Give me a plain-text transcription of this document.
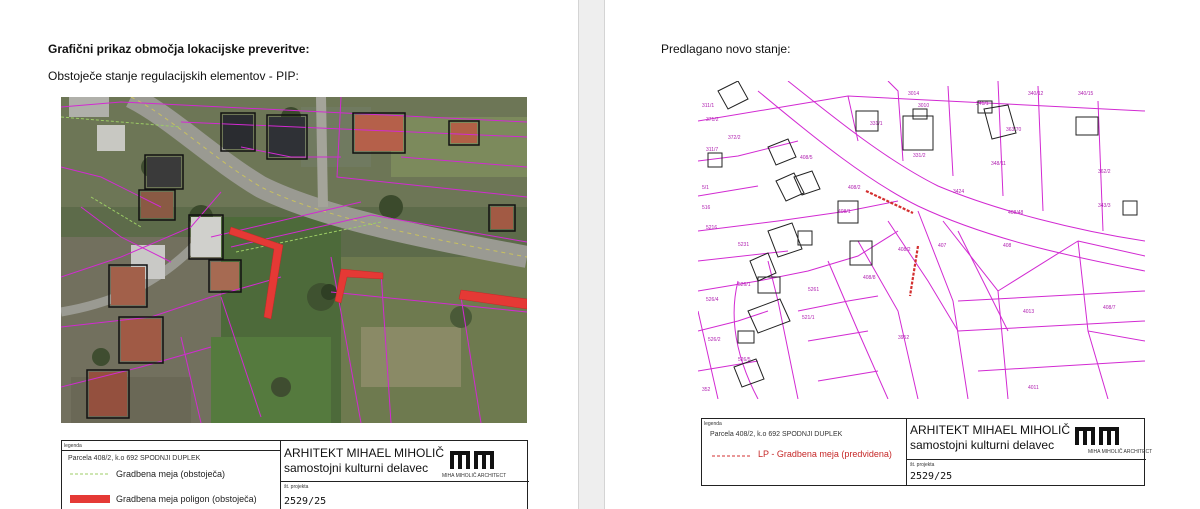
Grafični prikaz območja lokacijske preveritve:
Obstoječe stanje regulacijskih elementov - PIP:
legenda
Parcela 408/2, k.o 692 SPODNJI DUPLEK
Gradbena meja (obstoječa)
Gradbena meja poligon (obstoječa)
ARHITEKT MIHAEL MIHOLIČ
samostojni kulturni delavec
MIHA MIHOLIČ ARCHITECT
št. projekta
2529/25
Predlagano novo stanje:
311/1
371/2
372/2
3014
3010	341/1
340/12	340/15
311/7
408/5
331/1
331/2
363/70
348/11
362/2
5/1
516
408/2
3424
408/1	408/48
343/3
5216
5231
408/2
407	408
408/7
4013
408/8
526/1
5261
521/1
526/4
526/2
526/5
3952
4011
352
legenda
Parcela 408/2, k.o 692 SPODNJI DUPLEK
LP - Gradbena meja (predvidena)
ARHITEKT MIHAEL MIHOLIČ
samostojni kulturni delavec	MIHA MIHOLIČ ARCHITECT
št. projekta
2529/25
